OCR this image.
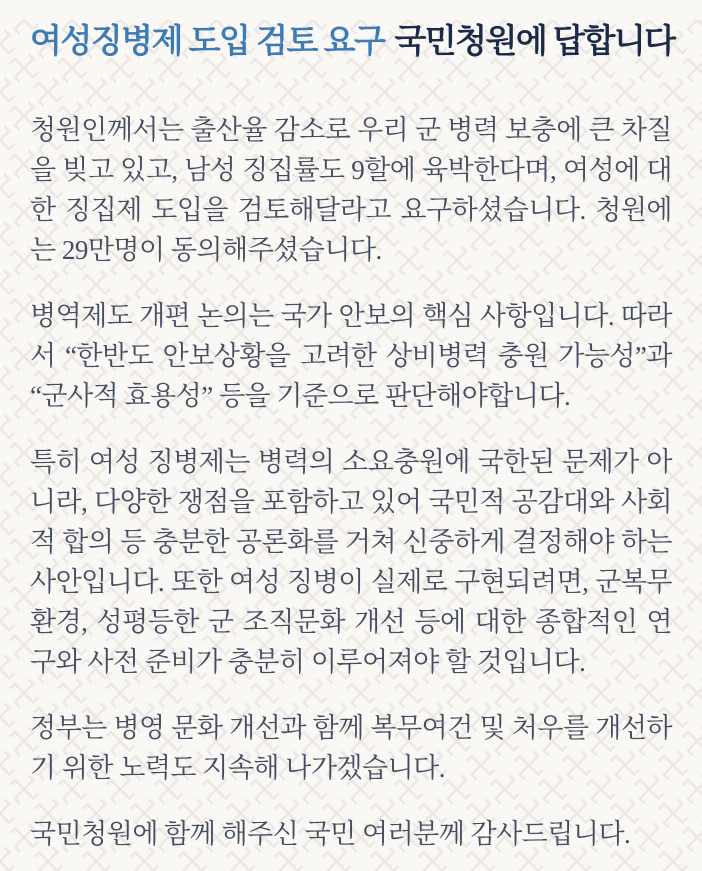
여성징병제 도입 검토 요구 국민청원에 답합니다

청원인께서는 출산율 감소로 우리 군 병력 보충에 큰 차질을 빚고 있고, 남성 징집률도 9할에 육박한다며, 여성에 대한 징집제 도입을 검토해달라고 요구하셨습니다. 청원에는 29만명이 동의해주셨습니다.

병역제도 개편 논의는 국가 안보의 핵심 사항입니다. 따라서 “한반도 안보상황을 고려한 상비병력 충원 가능성”과 “군사적 효용성” 등을 기준으로 판단해야합니다.

특히 여성 징병제는 병력의 소요충원에 국한된 문제가 아니라, 다양한 쟁점을 포함하고 있어 국민적 공감대와 사회적 합의 등 충분한 공론화를 거쳐 신중하게 결정해야 하는 사안입니다. 또한 여성 징병이 실제로 구현되려면, 군복무 환경, 성평등한 군 조직문화 개선 등에 대한 종합적인 연구와 사전 준비가 충분히 이루어져야 할 것입니다.

정부는 병영 문화 개선과 함께 복무여건 및 처우를 개선하기 위한 노력도 지속해 나가겠습니다.

국민청원에 함께 해주신 국민 여러분께 감사드립니다.
